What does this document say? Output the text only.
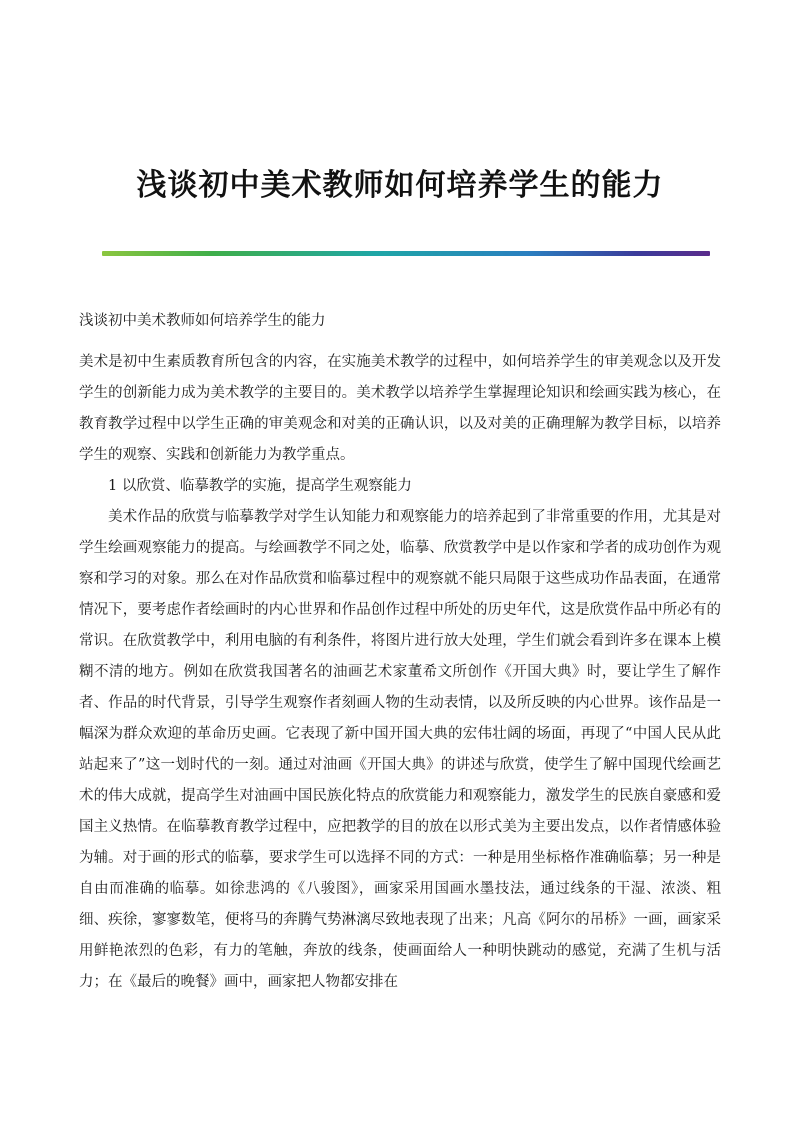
浅谈初中美术教师如何培养学生的能力

浅谈初中美术教师如何培养学生的能力

美术是初中生素质教育所包含的内容，在实施美术教学的过程中，如何培养学生的审美观念以及开发学生的创新能力成为美术教学的主要目的。美术教学以培养学生掌握理论知识和绘画实践为核心，在教育教学过程中以学生正确的审美观念和对美的正确认识，以及对美的正确理解为教学目标，以培养学生的观察、实践和创新能力为教学重点。

1 以欣赏、临摹教学的实施，提高学生观察能力

美术作品的欣赏与临摹教学对学生认知能力和观察能力的培养起到了非常重要的作用，尤其是对学生绘画观察能力的提高。与绘画教学不同之处，临摹、欣赏教学中是以作家和学者的成功创作为观察和学习的对象。那么在对作品欣赏和临摹过程中的观察就不能只局限于这些成功作品表面，在通常情况下，要考虑作者绘画时的内心世界和作品创作过程中所处的历史年代，这是欣赏作品中所必有的常识。在欣赏教学中，利用电脑的有利条件，将图片进行放大处理，学生们就会看到许多在课本上模糊不清的地方。例如在欣赏我国著名的油画艺术家董希文所创作《开国大典》时，要让学生了解作者、作品的时代背景，引导学生观察作者刻画人物的生动表情，以及所反映的内心世界。该作品是一幅深为群众欢迎的革命历史画。它表现了新中国开国大典的宏伟壮阔的场面，再现了“中国人民从此站起来了”这一划时代的一刻。通过对油画《开国大典》的讲述与欣赏，使学生了解中国现代绘画艺术的伟大成就，提高学生对油画中国民族化特点的欣赏能力和观察能力，激发学生的民族自豪感和爱国主义热情。在临摹教育教学过程中，应把教学的目的放在以形式美为主要出发点，以作者情感体验为辅。对于画的形式的临摹，要求学生可以选择不同的方式：一种是用坐标格作准确临摹；另一种是自由而准确的临摹。如徐悲鸿的《八骏图》，画家采用国画水墨技法，通过线条的干湿、浓淡、粗细、疾徐，寥寥数笔，便将马的奔腾气势淋漓尽致地表现了出来；凡高《阿尔的吊桥》一画，画家采用鲜艳浓烈的色彩，有力的笔触，奔放的线条，使画面给人一种明快跳动的感觉，充满了生机与活力；在《最后的晚餐》画中，画家把人物都安排在
